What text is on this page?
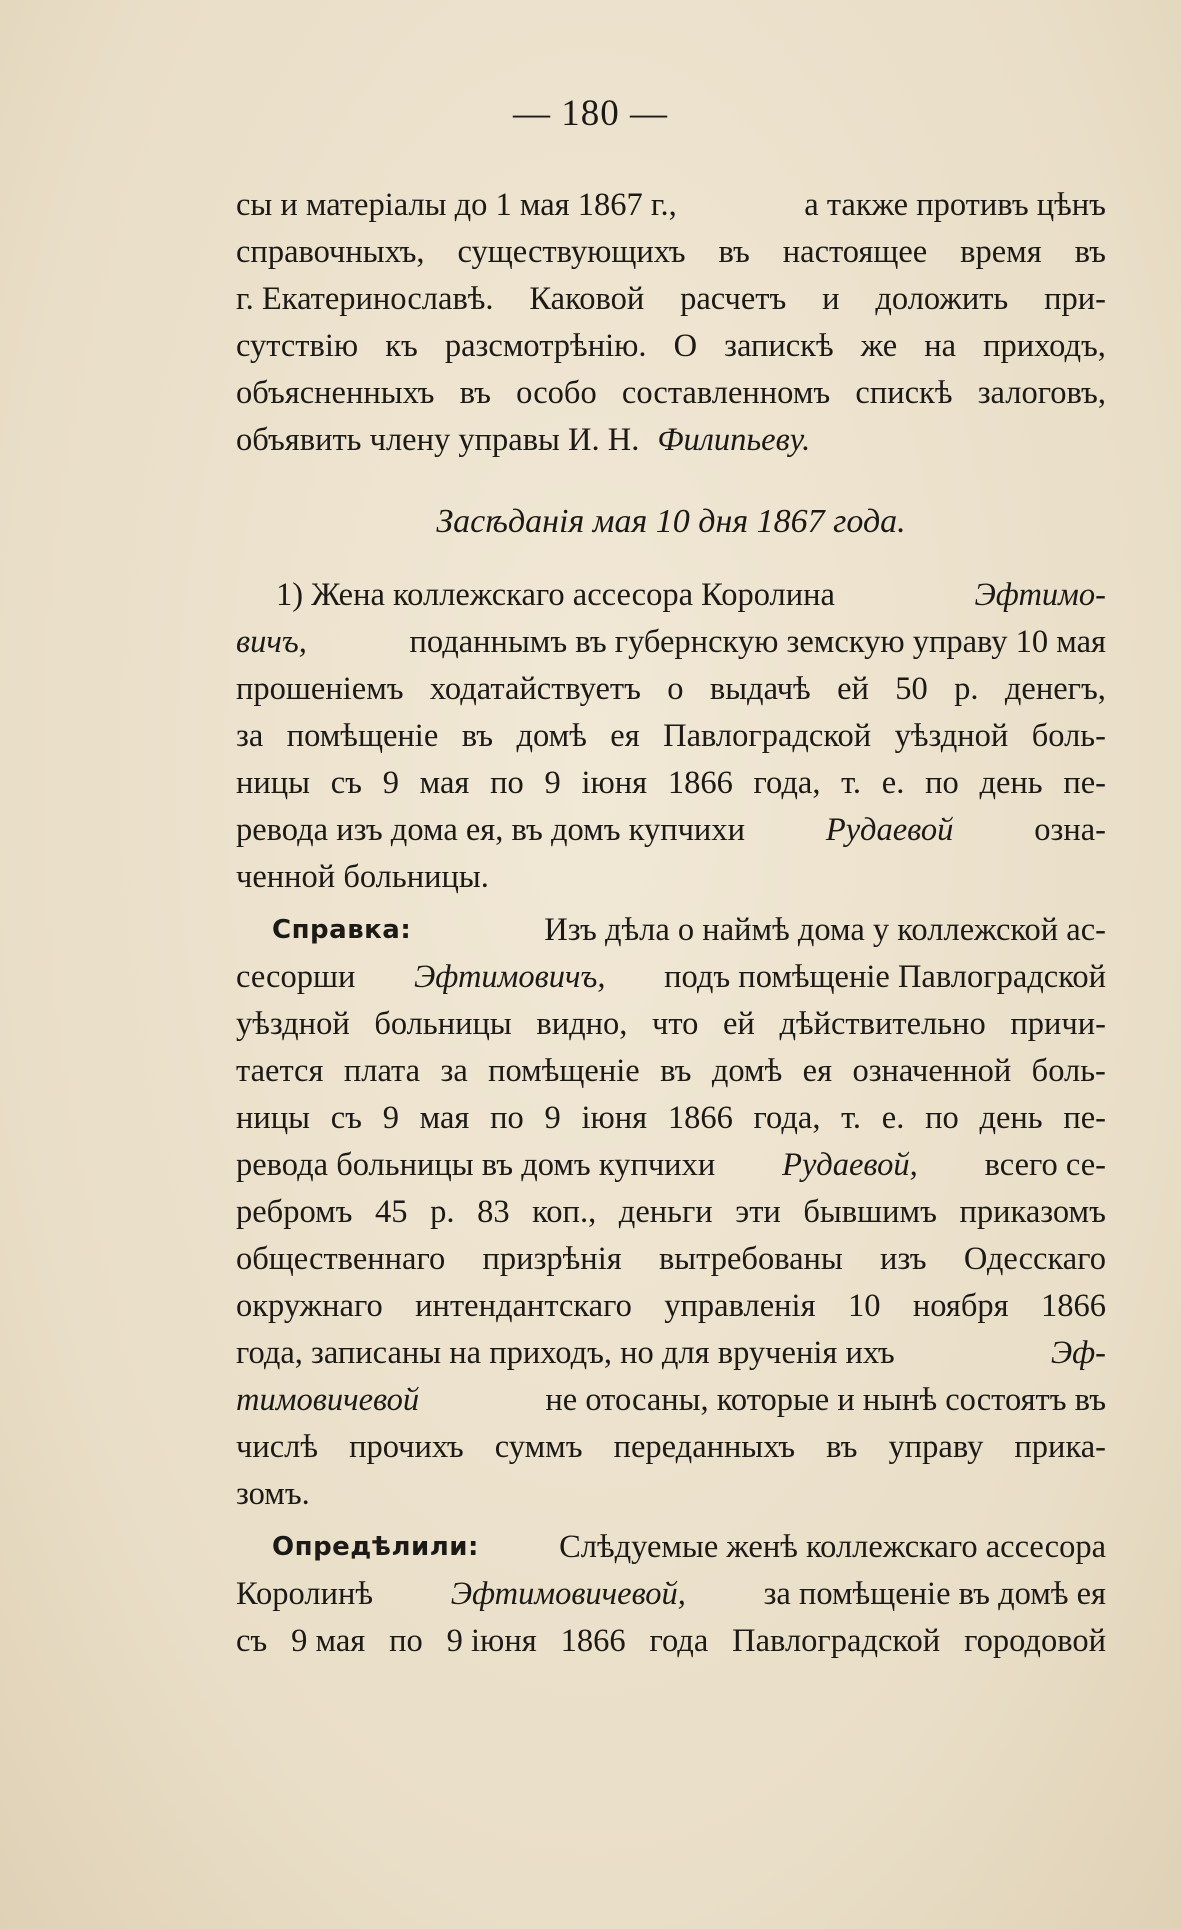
— 180 —
сы и матеріалы до 1 мая 1867 г.,	а также противъ цѣнъ
справочныхъ, существующихъ въ настоящее время въ
г. Екатеринославѣ. Каковой расчетъ и доложить при-
сутствію къ разсмотрѣнію. О запискѣ же на приходъ,
объясненныхъ въ особо составленномъ спискѣ залоговъ,
объявить члену управы И. Н. Филипьеву.
Засѣданія мая 10 дня 1867 года.
1) Жена коллежскаго ассесора Королина	Эфтимо-
вичъ,	поданнымъ въ губернскую земскую управу 10 мая
прошеніемъ ходатайствуетъ о выдачѣ ей 50 р. денегъ,
за помѣщеніе въ домѣ ея Павлоградской уѣздной боль-
ницы съ 9 мая по 9 іюня 1866 года, т. е. по день пе-
ревода изъ дома ея, въ домъ купчихи Рудаевой озна-
ченной больницы.
Справка:	Изъ дѣла о наймѣ дома у коллежской ас-
сесорши Эфтимовичъ, подъ помѣщеніе Павлоградской
уѣздной больницы видно, что ей дѣйствительно причи-
тается плата за помѣщеніе въ домѣ ея означенной боль-
ницы съ 9 мая по 9 іюня 1866 года, т. е. по день пе-
ревода больницы въ домъ купчихи Рудаевой, всего се-
ребромъ 45 р. 83 коп., деньги эти бывшимъ приказомъ
общественнаго призрѣнія вытребованы изъ Одесскаго
окружнаго интендантскаго управленія 10 ноября 1866
года, записаны на приходъ, но для врученія ихъ	Эф-
тимовичевой	не отосаны, которые и нынѣ состоятъ въ
числѣ прочихъ суммъ переданныхъ въ управу прика-
зомъ.
Опредѣлили: Слѣдуемые женѣ коллежскаго ассесора
Королинѣ Эфтимовичевой, за помѣщеніе въ домѣ ея
съ 9 мая по 9 іюня 1866 года Павлоградской городовой
